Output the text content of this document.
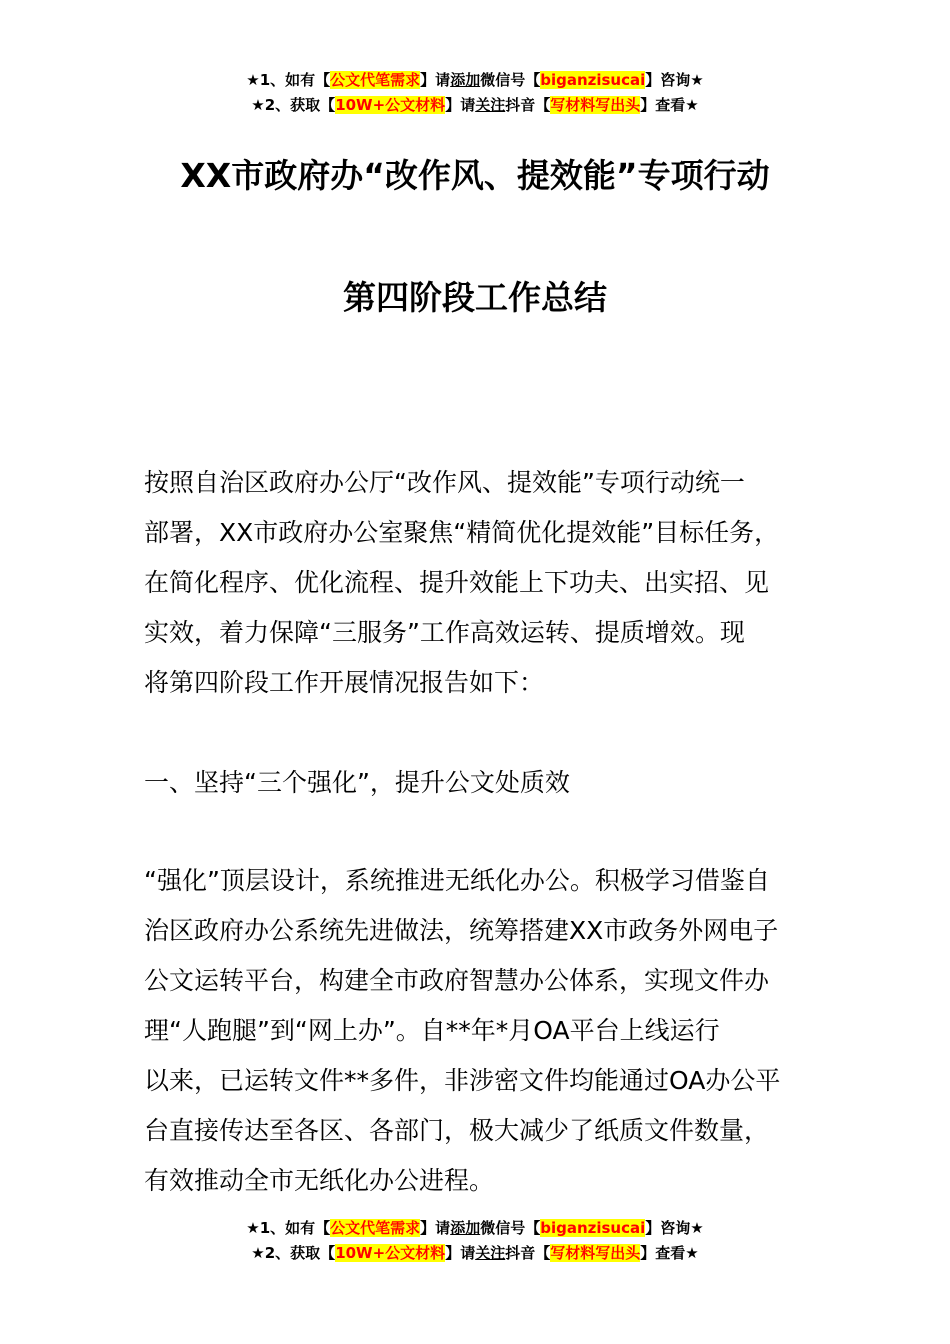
★1、如有【公文代笔需求】请添加微信号【biganzisucai】咨询★
★2、获取【10W+公文材料】请关注抖音【写材料写出头】查看★
XX市政府办“改作风、提效能”专项行动
第四阶段工作总结
按照自治区政府办公厅“改作风、提效能”专项行动统一
部署，XX市政府办公室聚焦“精简优化提效能”目标任务，
在简化程序、优化流程、提升效能上下功夫、出实招、见
实效，着力保障“三服务”工作高效运转、提质增效。现
将第四阶段工作开展情况报告如下：
一、坚持“三个强化”，提升公文处质效
“强化”顶层设计，系统推进无纸化办公。积极学习借鉴自
治区政府办公系统先进做法，统筹搭建XX市政务外网电子
公文运转平台，构建全市政府智慧办公体系，实现文件办
理“人跑腿”到“网上办”。自**年*月OA平台上线运行
以来，已运转文件**多件，非涉密文件均能通过OA办公平
台直接传达至各区、各部门，极大减少了纸质文件数量，
有效推动全市无纸化办公进程。
★1、如有【公文代笔需求】请添加微信号【biganzisucai】咨询★
★2、获取【10W+公文材料】请关注抖音【写材料写出头】查看★
